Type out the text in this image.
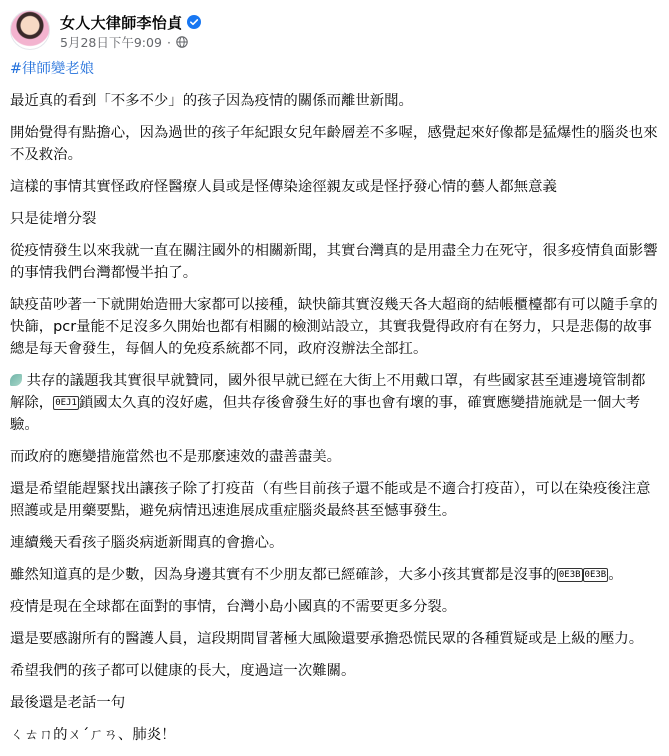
女人大律師李怡貞
5月28日下午9:09 ·
#律師變老娘

最近真的看到「不多不少」的孩子因為疫情的關係而離世新聞。

開始覺得有點擔心，因為過世的孩子年紀跟女兒年齡層差不多喔，感覺起來好像都是猛爆性的腦炎也來不及救治。

這樣的事情其實怪政府怪醫療人員或是怪傳染途徑親友或是怪抒發心情的藝人都無意義

只是徒增分裂

從疫情發生以來我就一直在關注國外的相關新聞，其實台灣真的是用盡全力在死守，很多疫情負面影響的事情我們台灣都慢半拍了。

缺疫苗吵著一下就開始造冊大家都可以接種，缺快篩其實沒幾天各大超商的結帳櫃檯都有可以隨手拿的快篩，pcr量能不足沒多久開始也都有相關的檢測站設立，其實我覺得政府有在努力，只是悲傷的故事總是每天會發生，每個人的免疫系統都不同，政府沒辦法全部扛。

共存的議題我其實很早就贊同，國外很早就已經在大街上不用戴口罩，有些國家甚至連邊境管制都解除， 0EJ1 鎖國太久真的沒好處，但共存後會發生好的事也會有壞的事，確實應變措施就是一個大考驗。

而政府的應變措施當然也不是那麼速效的盡善盡美。

還是希望能趕緊找出讓孩子除了打疫苗（有些目前孩子還不能或是不適合打疫苗），可以在染疫後注意照護或是用藥要點，避免病情迅速進展成重症腦炎最終甚至憾事發生。

連續幾天看孩子腦炎病逝新聞真的會擔心。

雖然知道真的是少數，因為身邊其實有不少朋友都已經確診，大多小孩其實都是沒事的 0E3B 0E3B 。

疫情是現在全球都在面對的事情，台灣小島小國真的不需要更多分裂。

還是要感謝所有的醫護人員，這段期間冒著極大風險還要承擔恐慌民眾的各種質疑或是上級的壓力。

希望我們的孩子都可以健康的長大，度過這一次難關。

最後還是老話一句

ㄑㄊㄇ的ㄨˊㄏㄢ、肺炎！
